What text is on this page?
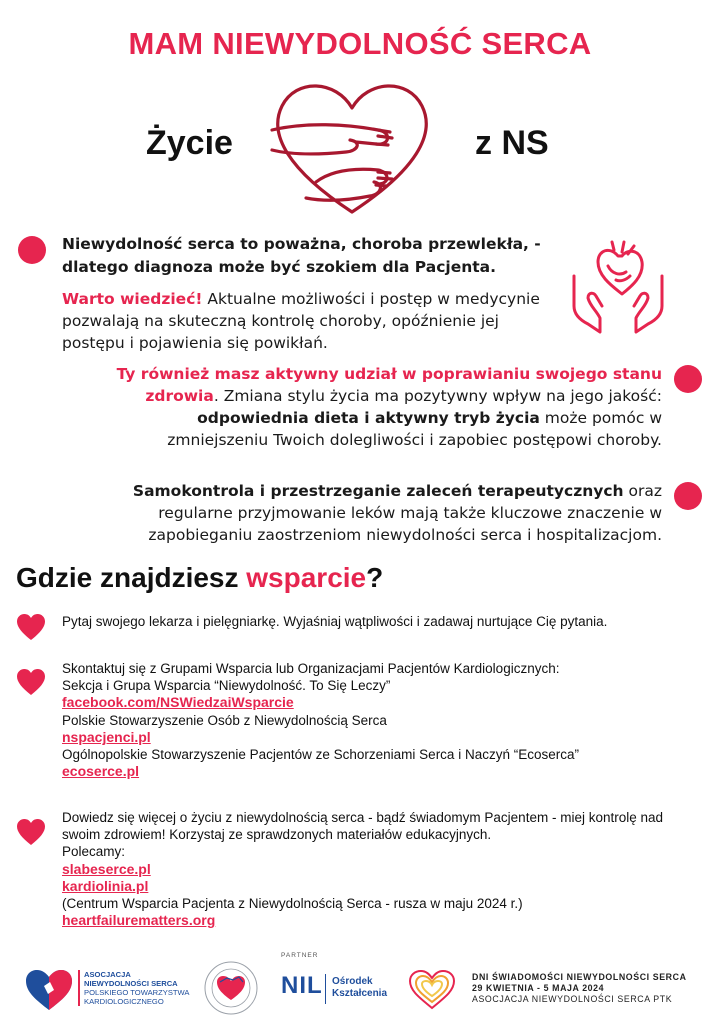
MAM NIEWYDOLNOŚĆ SERCA
Życie	z NS
Niewydolność serca to poważna, choroba przewlekła, - dlatego diagnoza może być szokiem dla Pacjenta.
Warto wiedzieć! Aktualne możliwości i postęp w medycynie pozwalają na skuteczną kontrolę choroby, opóźnienie jej postępu i pojawienia się powikłań.
Ty również masz aktywny udział w poprawianiu swojego stanu zdrowia. Zmiana stylu życia ma pozytywny wpływ na jego jakość: odpowiednia dieta i aktywny tryb życia może pomóc w zmniejszeniu Twoich dolegliwości i zapobiec postępowi choroby.
Samokontrola i przestrzeganie zaleceń terapeutycznych oraz regularne przyjmowanie leków mają także kluczowe znaczenie w zapobieganiu zaostrzeniom niewydolności serca i hospitalizacjom.
Gdzie znajdziesz wsparcie?
Pytaj swojego lekarza i pielęgniarkę. Wyjaśniaj wątpliwości i zadawaj nurtujące Cię pytania.
Skontaktuj się z Grupami Wsparcia lub Organizacjami Pacjentów Kardiologicznych:
Sekcja i Grupa Wsparcia “Niewydolność. To Się Leczy”
facebook.com/NSWiedzaiWsparcie
Polskie Stowarzyszenie Osób z Niewydolnością Serca
nspacjenci.pl
Ogólnopolskie Stowarzyszenie Pacjentów ze Schorzeniami Serca i Naczyń “Ecoserca”
ecoserce.pl
Dowiedz się więcej o życiu z niewydolnością serca - bądź świadomym Pacjentem - miej kontrolę nad swoim zdrowiem! Korzystaj ze sprawdzonych materiałów edukacyjnych.
Polecamy:
slabeserce.pl
kardiolinia.pl
(Centrum Wsparcia Pacjenta z Niewydolnością Serca - rusza w maju 2024 r.)
heartfailurematters.org
ASOCJACJA
NIEWYDOLNOŚCI SERCA
POLSKIEGO TOWARZYSTWA
KARDIOLOGICZNEGO
PARTNER
NIL Ośrodek
Kształcenia
DNI ŚWIADOMOŚCI NIEWYDOLNOŚCI SERCA
29 KWIETNIA - 5 MAJA 2024
ASOCJACJA NIEWYDOLNOŚCI SERCA PTK
